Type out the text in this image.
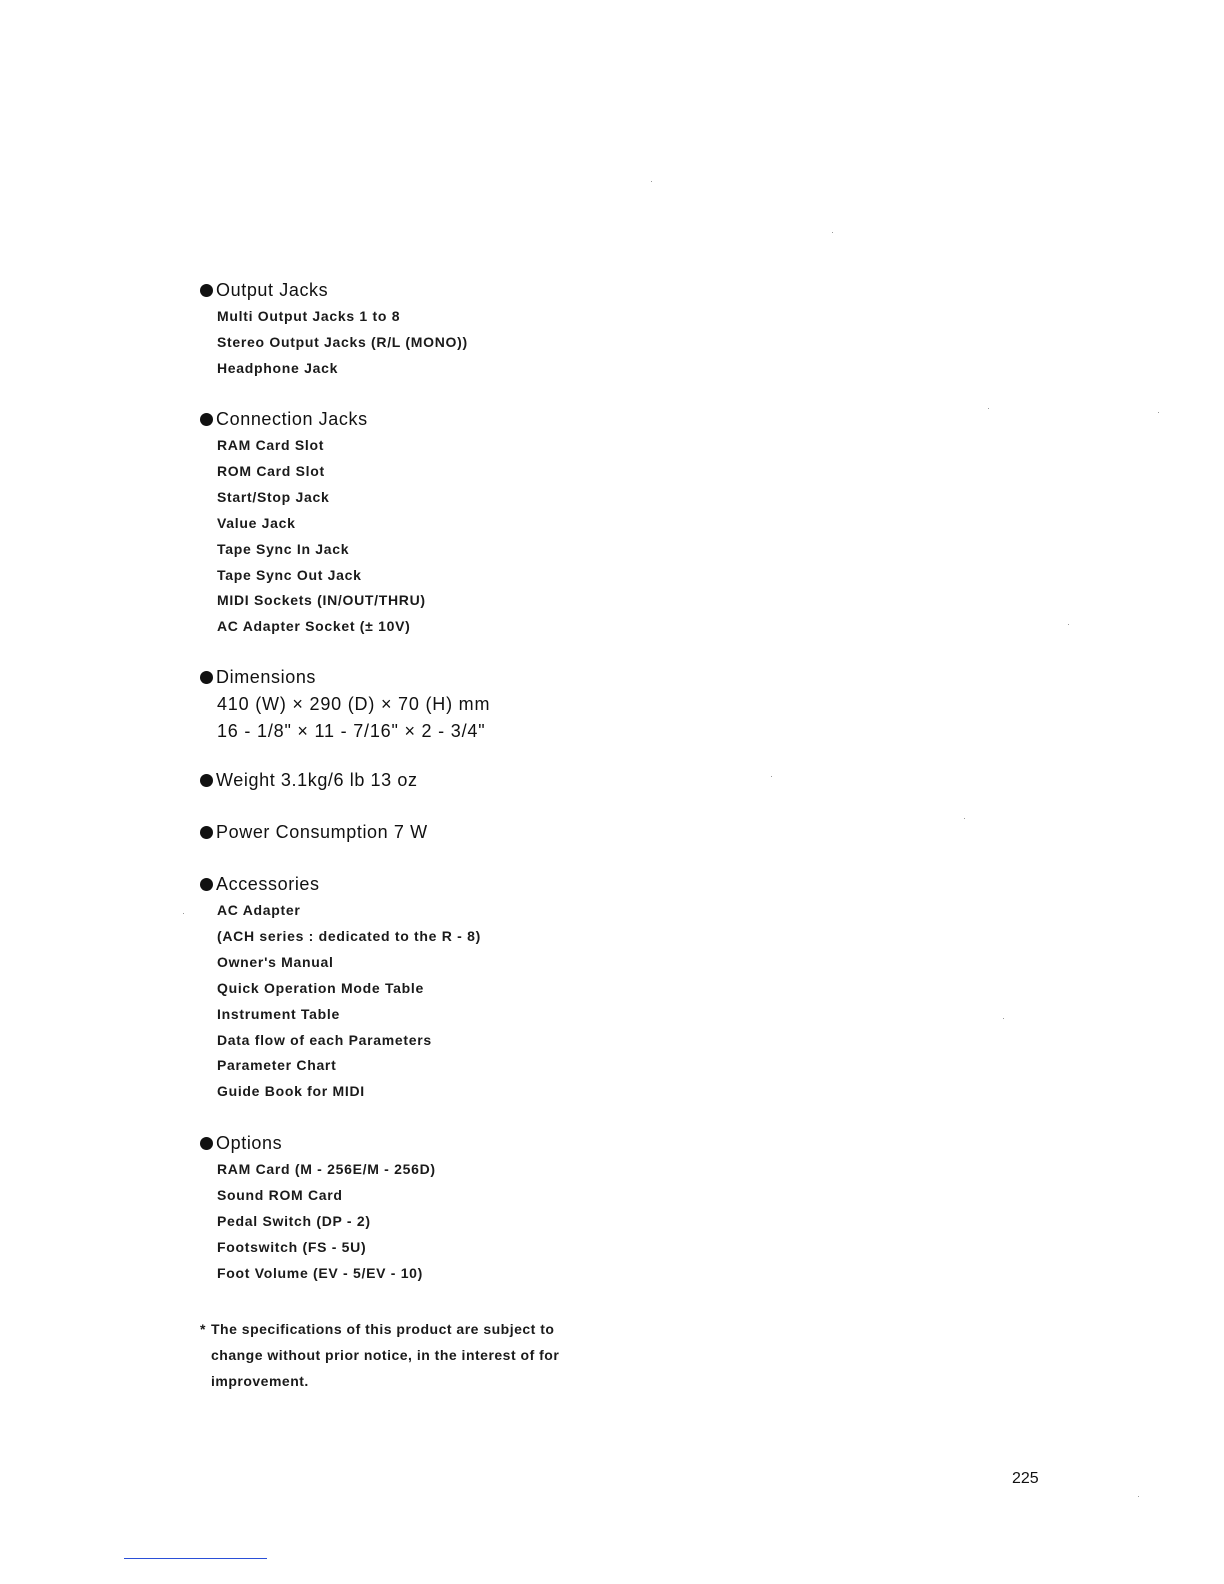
Output Jacks
Multi Output Jacks 1 to 8
Stereo Output Jacks (R/L (MONO))
Headphone Jack
Connection Jacks
RAM Card Slot
ROM Card Slot
Start/Stop Jack
Value Jack
Tape Sync In Jack
Tape Sync Out Jack
MIDI Sockets (IN/OUT/THRU)
AC Adapter Socket (± 10V)
Dimensions
410 (W) × 290 (D) × 70 (H) mm
16 - 1/8" × 11 - 7/16" × 2 - 3/4"
Weight 3.1kg/6 lb 13 oz
Power Consumption 7 W
Accessories
AC Adapter
(ACH series : dedicated to the R - 8)
Owner's Manual
Quick Operation Mode Table
Instrument Table
Data flow of each Parameters
Parameter Chart
Guide Book for MIDI
Options
RAM Card (M - 256E/M - 256D)
Sound ROM Card
Pedal Switch (DP - 2)
Footswitch (FS - 5U)
Foot Volume (EV - 5/EV - 10)
* The specifications of this product are subject to change without prior notice, in the interest of for improvement.

225
